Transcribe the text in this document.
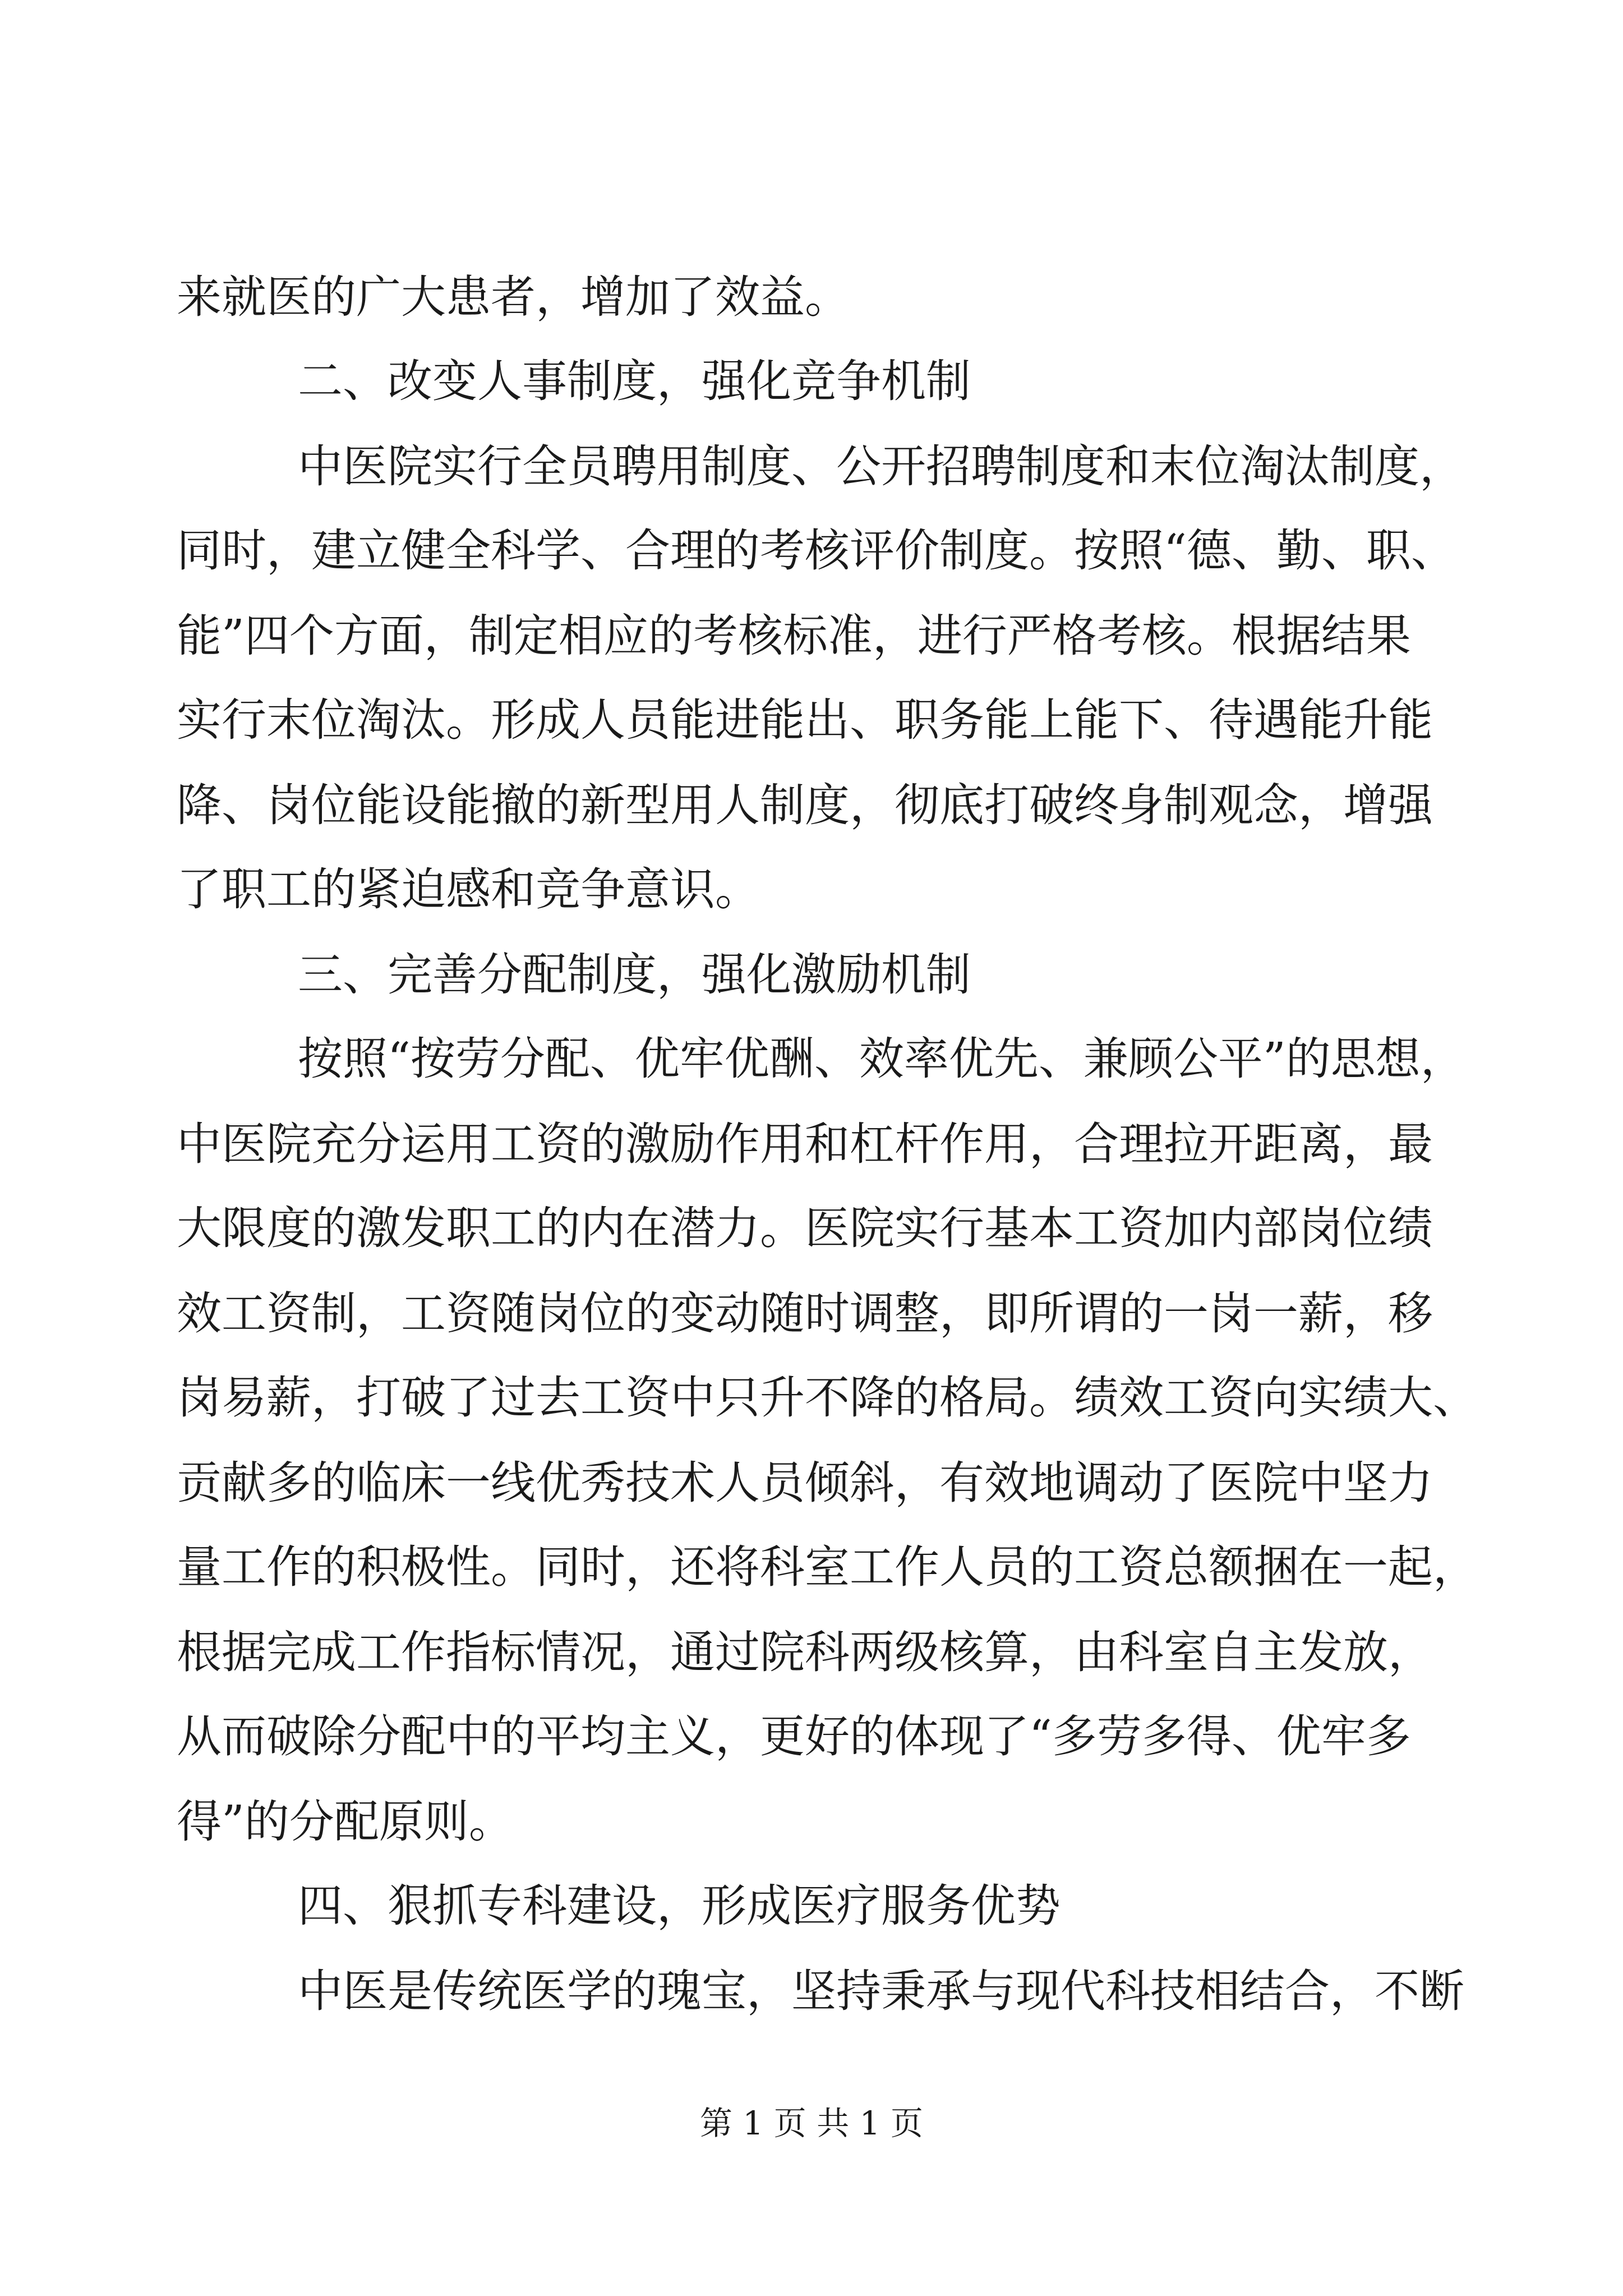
来就医的广大患者，增加了效益。
二、改变人事制度，强化竞争机制
中医院实行全员聘用制度、公开招聘制度和末位淘汰制度，
同时，建立健全科学、合理的考核评价制度。按照“德、勤、职、
能”四个方面，制定相应的考核标准，进行严格考核。根据结果
实行末位淘汰。形成人员能进能出、职务能上能下、待遇能升能
降、岗位能设能撤的新型用人制度，彻底打破终身制观念，增强
了职工的紧迫感和竞争意识。
三、完善分配制度，强化激励机制
按照“按劳分配、优牢优酬、效率优先、兼顾公平”的思想，
中医院充分运用工资的激励作用和杠杆作用，合理拉开距离，最
大限度的激发职工的内在潜力。医院实行基本工资加内部岗位绩
效工资制，工资随岗位的变动随时调整，即所谓的一岗一薪，移
岗易薪，打破了过去工资中只升不降的格局。绩效工资向实绩大、
贡献多的临床一线优秀技术人员倾斜，有效地调动了医院中坚力
量工作的积极性。同时，还将科室工作人员的工资总额捆在一起，
根据完成工作指标情况，通过院科两级核算，由科室自主发放，
从而破除分配中的平均主义，更好的体现了“多劳多得、优牢多
得”的分配原则。
四、狠抓专科建设，形成医疗服务优势
中医是传统医学的瑰宝，坚持秉承与现代科技相结合，不断
第 1 页 共 1 页
